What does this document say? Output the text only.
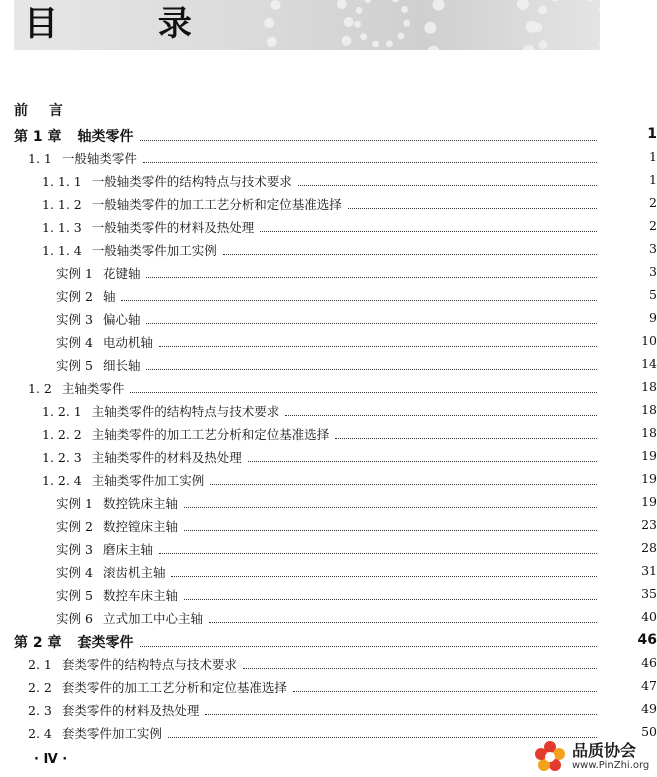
目 录
前 言
第 1 章 轴类零件	1
1. 1 一般轴类零件	1
1. 1. 1 一般轴类零件的结构特点与技术要求	1
1. 1. 2 一般轴类零件的加工工艺分析和定位基准选择	2
1. 1. 3 一般轴类零件的材料及热处理	2
1. 1. 4 一般轴类零件加工实例	3
实例 1 花键轴	3
实例 2 轴	5
实例 3 偏心轴	9
实例 4 电动机轴	10
实例 5 细长轴	14
1. 2 主轴类零件	18
1. 2. 1 主轴类零件的结构特点与技术要求	18
1. 2. 2 主轴类零件的加工工艺分析和定位基准选择	18
1. 2. 3 主轴类零件的材料及热处理	19
1. 2. 4 主轴类零件加工实例	19
实例 1 数控铣床主轴	19
实例 2 数控镗床主轴	23
实例 3 磨床主轴	28
实例 4 滚齿机主轴	31
实例 5 数控车床主轴	35
实例 6 立式加工中心主轴	40
第 2 章 套类零件	46
2. 1 套类零件的结构特点与技术要求	46
2. 2 套类零件的加工工艺分析和定位基准选择	47
2. 3 套类零件的材料及热处理	49
2. 4 套类零件加工实例	50
· Ⅳ ·	品质协会
www.PinZhi.org
